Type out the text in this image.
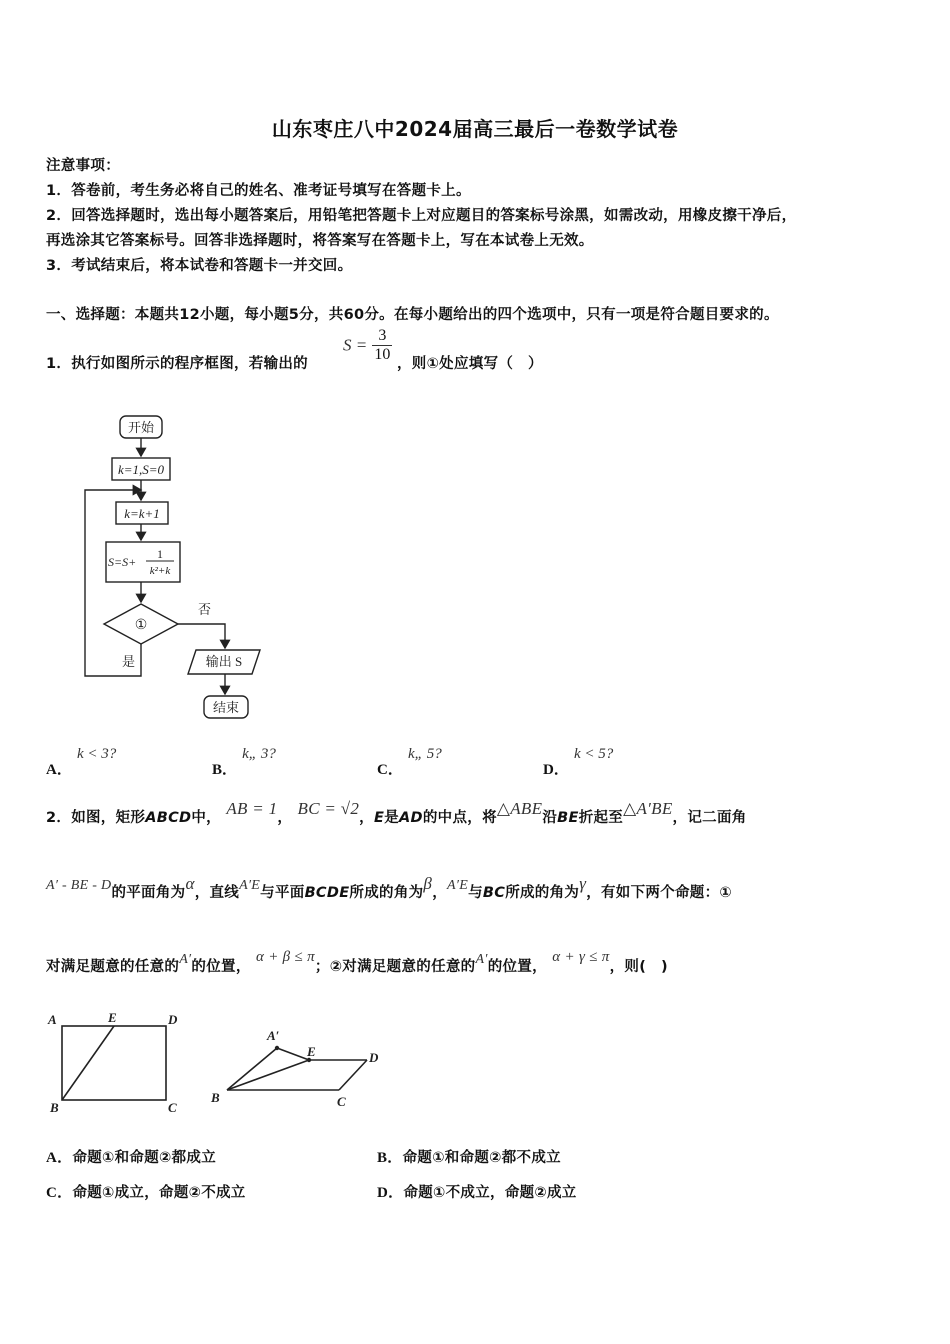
山东枣庄八中2024届高三最后一卷数学试卷
注意事项：
1．答卷前，考生务必将自己的姓名、准考证号填写在答题卡上。
2．回答选择题时，选出每小题答案后，用铅笔把答题卡上对应题目的答案标号涂黑，如需改动，用橡皮擦干净后，
再选涂其它答案标号。回答非选择题时，将答案写在答题卡上，写在本试卷上无效。
3．考试结束后，将本试卷和答题卡一并交回。
一、选择题：本题共12小题，每小题5分，共60分。在每小题给出的四个选项中，只有一项是符合题目要求的。
1．执行如图所示的程序框图，若输出的
$S = \frac{3}{10}$ ，则①处应填写（　）
开始
k=1,S=0
k=k+1
S=S+
1
k²+k
①
否
是	输出 S
结束
A． k < 3?
B． k„ 3?
C． k„ 5?
D． k < 5?
2．如图，矩形ABCD中， AB = 1， BC = √2，E是AD的中点，将△ABE沿BE折起至△A′BE，记二面角
A′ - BE - D的平面角为α，直线A′E与平面BCDE所成的角为β，A′E与BC所成的角为γ，有如下两个命题：①
对满足题意的任意的A′的位置， α + β ≤ π；②对满足题意的任意的A′的位置， α + γ ≤ π，则(　)
A	E	D
B	C
A′
E	D
B	C
A．命题①和命题②都成立	B．命题①和命题②都不成立
C．命题①成立，命题②不成立	D．命题①不成立，命题②成立
